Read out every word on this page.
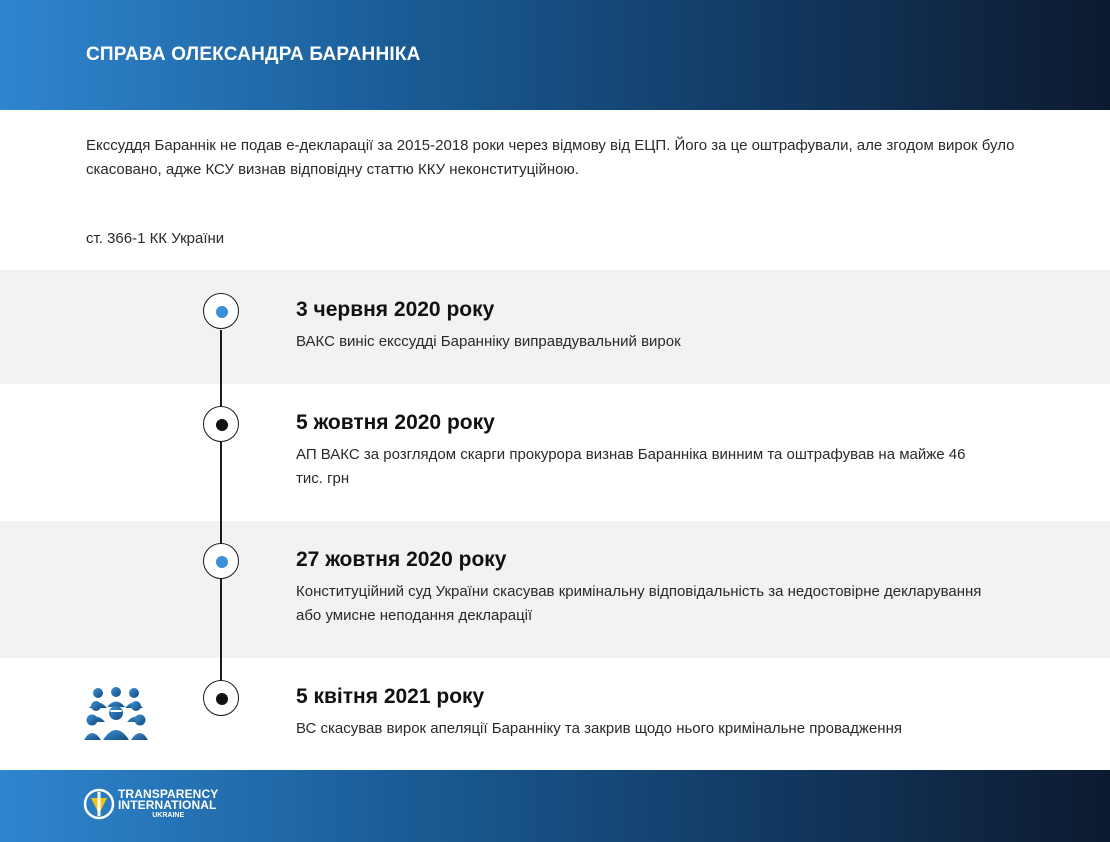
СПРАВА ОЛЕКСАНДРА БАРАННІКА

Екссуддя Бараннік не подав е-декларації за 2015-2018 роки через відмову від ЕЦП. Його за це оштрафували, але згодом вирок було скасовано, адже КСУ визнав відповідну статтю ККУ неконституційною.

ст. 366-1 КК України

3 червня 2020 року

ВАКС виніс екссудді Баранніку виправдувальний вирок

5 жовтня 2020 року

АП ВАКС за розглядом скарги прокурора визнав Бараннікa винним та оштрафував на майже 46 тис. грн

27 жовтня 2020 року

Конституційний суд України скасував кримінальну відповідальність за недостовірне декларування або умисне неподання декларації

5 квітня 2021 року

ВС скасував вирок апеляції Баранніку та закрив щодо нього кримінальне провадження

TRANSPARENCY
INTERNATIONAL
UKRAINE
